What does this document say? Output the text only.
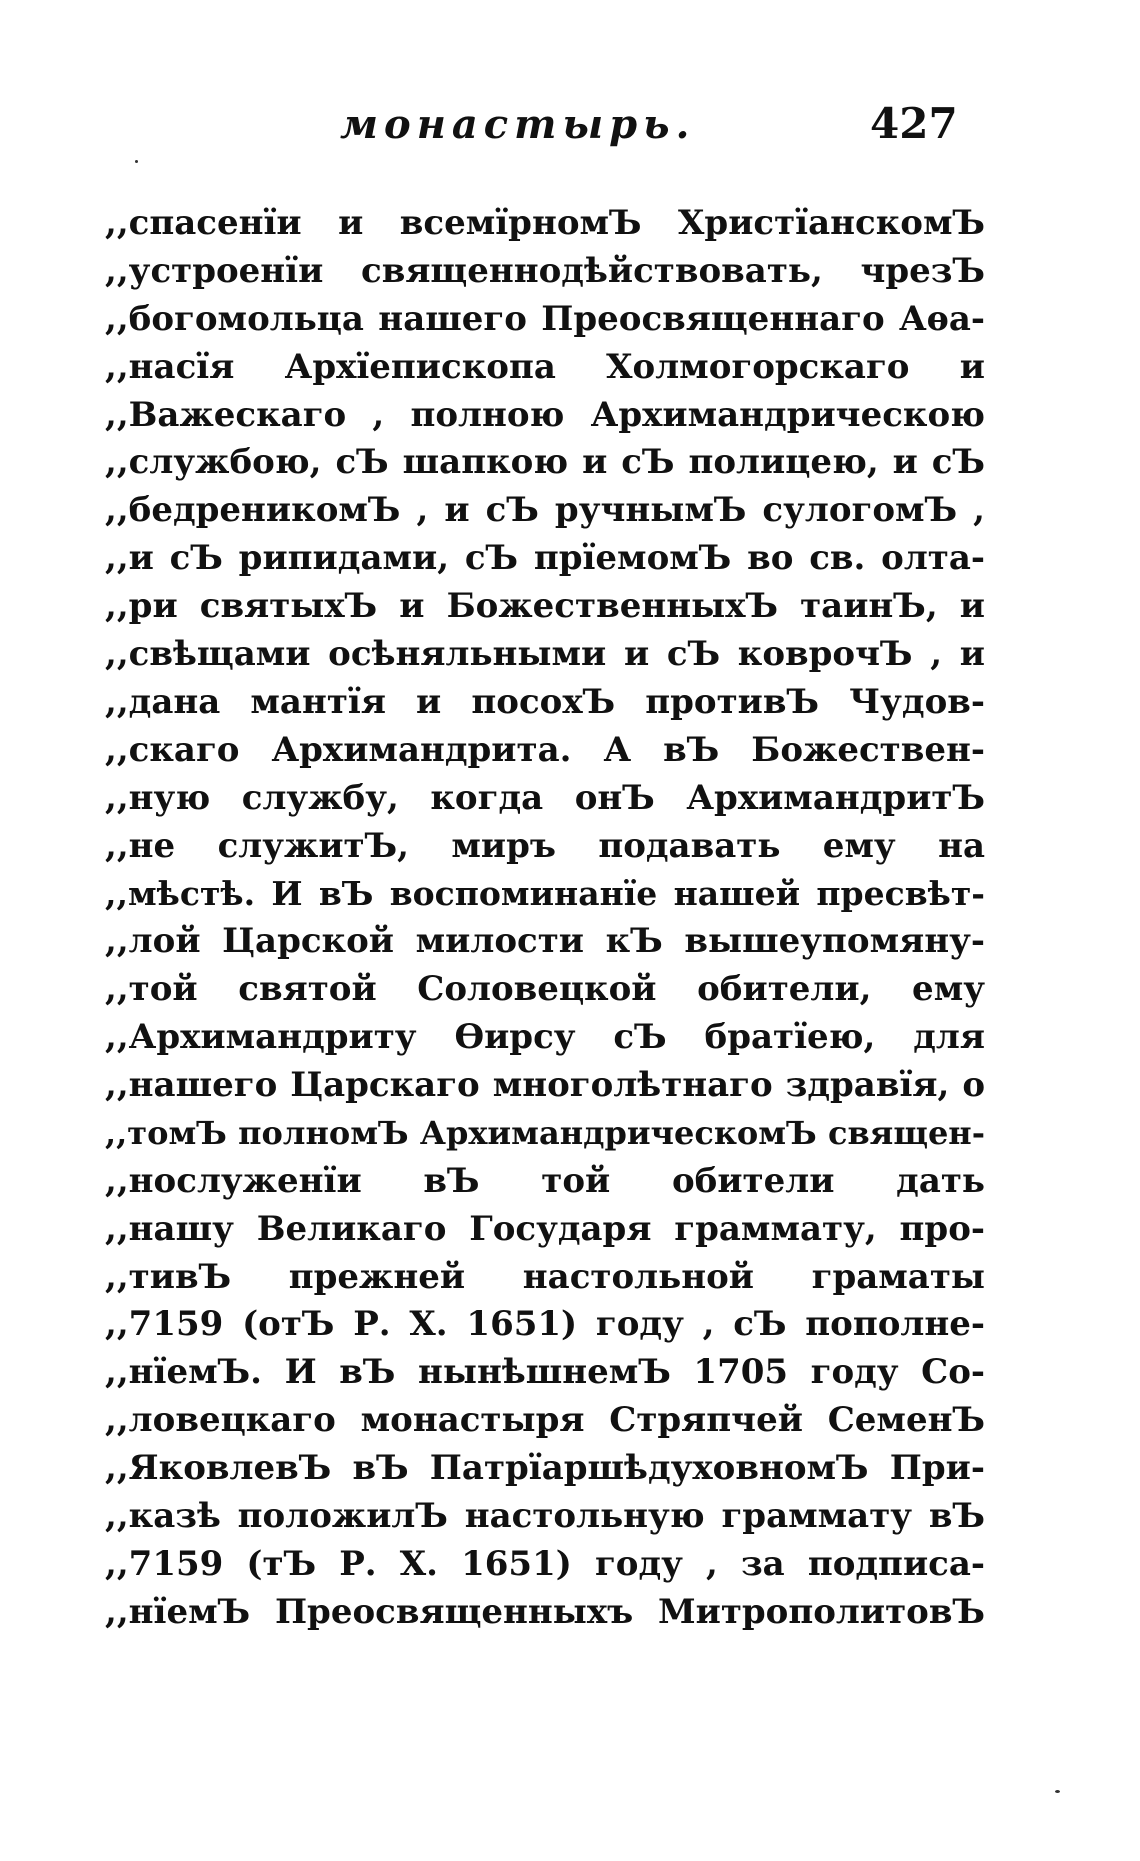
монастырь.	427
,,спасенїи и всемїрномЪ ХристїанскомЪ
,,устроенїи священнодѣйствовать, чрезЪ
,,богомольца нашего Преосвященнаго Аѳа-
,,насїя Архїепископа Холмогорскаго и
,,Важескаго , полною Архимандрическою
,,службою, сЪ шапкою и сЪ полицею, и сЪ
,,бедреникомЪ , и сЪ ручнымЪ сулогомЪ ,
,,и сЪ рипидами, сЪ прїемомЪ во св. олта-
,,ри святыхЪ и БожественныхЪ таинЪ, и
,,свѣщами осѣняльными и сЪ коврочЪ , и
,,дана мантїя и посохЪ противЪ Чудов-
,,скаго Архимандрита. А вЪ Божествен-
,,ную службу, когда онЪ АрхимандритЪ
,,не служитЪ, миръ подавать ему на
,,мѣстѣ. И вЪ воспоминанїе нашей пресвѣт-
,,лой Царской милости кЪ вышеупомяну-
,,той святой Соловецкой обители, ему
,,Архимандриту Ѳирсу сЪ братїею, для
,,нашего Царскаго многолѣтнаго здравїя, о
,,томЪ полномЪ АрхимандрическомЪ священ-
,,нослуженїи вЪ той обители дать
,,нашу Великаго Государя граммату, про-
,,тивЪ прежней настольной граматы
,,7159 (отЪ Р. Х. 1651) году , сЪ пополне-
,,нїемЪ. И вЪ нынѣшнемЪ 1705 году Со-
,,ловецкаго монастыря Стряпчей СеменЪ
,,ЯковлевЪ вЪ ПатрїаршѣдуховномЪ При-
,,казѣ положилЪ настольную граммату вЪ
,,7159 (тЪ Р. Х. 1651) году , за подписа-
,,нїемЪ Преосвященныхъ МитрополитовЪ
